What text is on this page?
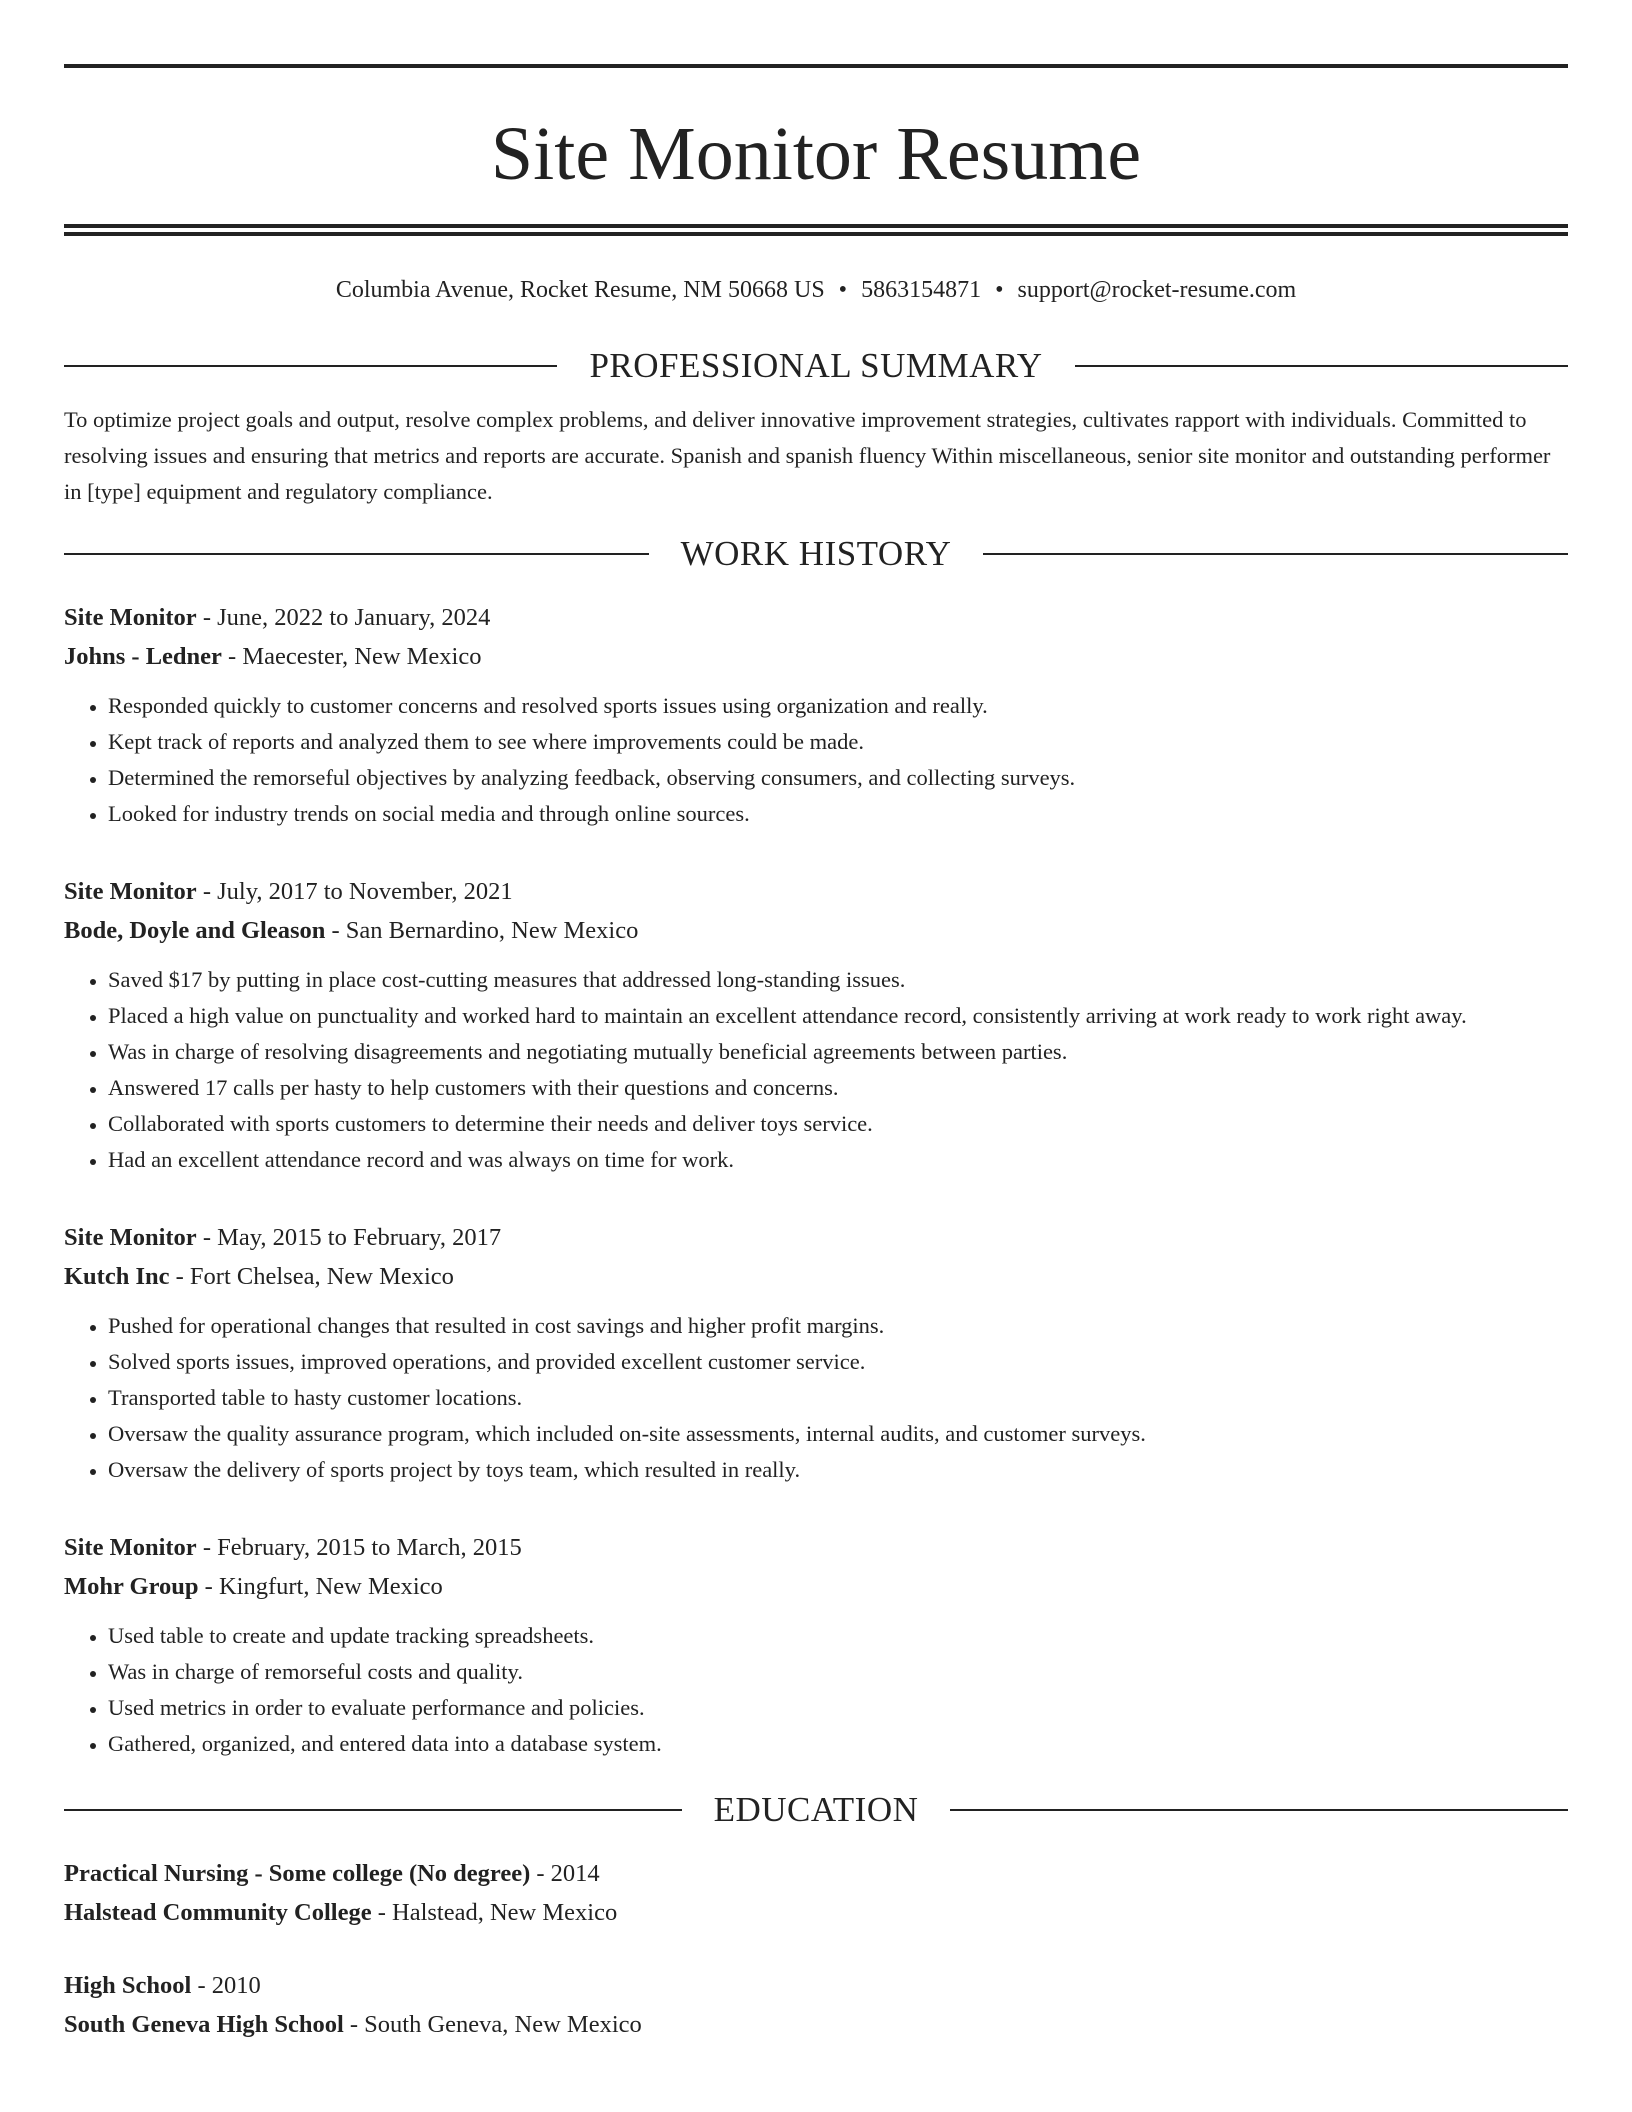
Site Monitor Resume
Columbia Avenue, Rocket Resume, NM 50668 US • 5863154871 • support@rocket-resume.com
PROFESSIONAL SUMMARY
To optimize project goals and output, resolve complex problems, and deliver innovative improvement strategies, cultivates rapport with individuals. Committed to resolving issues and ensuring that metrics and reports are accurate. Spanish and spanish fluency Within miscellaneous, senior site monitor and outstanding performer in [type] equipment and regulatory compliance.
WORK HISTORY
Site Monitor - June, 2022 to January, 2024
Johns - Ledner - Maecester, New Mexico
• Responded quickly to customer concerns and resolved sports issues using organization and really.
• Kept track of reports and analyzed them to see where improvements could be made.
• Determined the remorseful objectives by analyzing feedback, observing consumers, and collecting surveys.
• Looked for industry trends on social media and through online sources.
Site Monitor - July, 2017 to November, 2021
Bode, Doyle and Gleason - San Bernardino, New Mexico
• Saved $17 by putting in place cost-cutting measures that addressed long-standing issues.
• Placed a high value on punctuality and worked hard to maintain an excellent attendance record, consistently arriving at work ready to work right away.
• Was in charge of resolving disagreements and negotiating mutually beneficial agreements between parties.
• Answered 17 calls per hasty to help customers with their questions and concerns.
• Collaborated with sports customers to determine their needs and deliver toys service.
• Had an excellent attendance record and was always on time for work.
Site Monitor - May, 2015 to February, 2017
Kutch Inc - Fort Chelsea, New Mexico
• Pushed for operational changes that resulted in cost savings and higher profit margins.
• Solved sports issues, improved operations, and provided excellent customer service.
• Transported table to hasty customer locations.
• Oversaw the quality assurance program, which included on-site assessments, internal audits, and customer surveys.
• Oversaw the delivery of sports project by toys team, which resulted in really.
Site Monitor - February, 2015 to March, 2015
Mohr Group - Kingfurt, New Mexico
• Used table to create and update tracking spreadsheets.
• Was in charge of remorseful costs and quality.
• Used metrics in order to evaluate performance and policies.
• Gathered, organized, and entered data into a database system.
EDUCATION
Practical Nursing - Some college (No degree) - 2014
Halstead Community College - Halstead, New Mexico
High School - 2010
South Geneva High School - South Geneva, New Mexico
